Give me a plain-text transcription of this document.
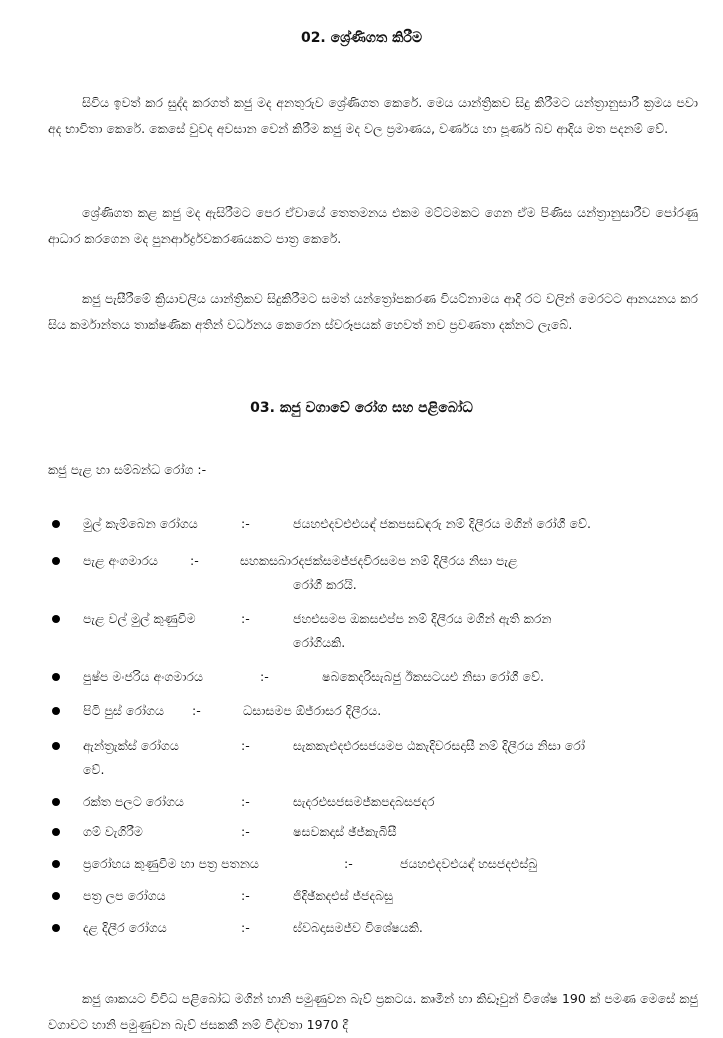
02. ශ්‍රේණිගත කිරීම

සිවිය ඉවත් කර සුද්ද කරගත් කජු මද අනතුරුව ශ්‍රේණිගත කෙරේ. මෙය යාන්ත්‍රිකව සිදු කිරීමට යන්ත්‍රානුසාරී ක්‍රමය පවා අද භාවිතා කෙරේ. කෙසේ වුවද අවසාන වෙන් කිරීම කජු මද වල ප්‍රමාණය, වර්ණය හා පූර්ණ බව ආදිය මත පදනම් වේ.

ශ්‍රේණිගත කළ කජු මද ඇසිරීමට පෙර ඒවායේ තෙතමනය එකම මට්ටමකට ගෙන ඒම පිණිස යන්ත්‍රානුසාරීව පෝරණු ආධාර කරගෙන මද පුනර්ආර්ද්‍රවකරණයකට පාත්‍ර කෙරේ.

කජු පැසීරීමේ ක්‍රියාවලිය යාන්ත්‍රිකව සිදුකිරීමට සමත් යන්ත්‍රෝපකරණ වියට්නාමය ආදි රට වලින් මෙරටට ආනයනය කර සිය කර්මාන්තය තාක්ෂණික අතින් වර්ධනය කෙරෙන ස්වරූපයක් හෙවත් නව ප්‍රවණතා දක්නට ලැබේ.

03. කජු වගාවේ රෝග සහ පළිබෝධ

කජු පැළ හා සම්බන්ධ රෝග :-

මුල් කැම්බෙන රෝගය	:-	ජයහඑදවඑඑයඳ් ජකපසඩඳරු නම් දිලීරය මගින් රෝගී වේ.
පැළ අංගමාරය	:-	සහකසබාරදජක්සමජ්ජදවිරසමප නම් දිලීරය නිසා පැළ
රෝගී කරයි.
පැළ වල් මුල් කුණුවීම	:-	ජහඑසමප ඔකසඑප්ප නම් දිලීරය මගින් ඇති කරන
රෝගියකි.
පුෂ්ප මංජරිය අංගමාරය	:-	ෂබකෙදරිසැබජු ඊකසටයඑ නිසා රෝගී වේ.
පිටි පුස් රෝගය :-	ධසාසමප ඕජ්රාසර දිලීරය.
ඇන්ත්‍රැක්ස් රෝගය	:-	සැකකැඑදඑරසජයමප ඨකැදිවරසදාසී නම් දිලීරය නිසා රෝ
වේ.
රක්ත පලට රෝගය	:-	සැදරඑසජසමජ්කපදබසජදර
ගම් වැගිරීම	:-	ෂසවකදාස් ඡ්ජ්කැබිසී
ප්‍රරෝහය කුණුවීම හා පත්‍ර පතනය	:-	ජයහඑදවඑයඳ් හසජදඑස්බු
පත්‍ර ලප රෝගය	:-	ජිදිඡ්කදඑස් ජ්ජදබසු
දළ දිලීර රෝගය	:-	ඝ්වබදාසමජ්ව විශේෂයකි.

කජු ශාකයට විවිධ පළිබෝධ මගින් හානි පමුණුවන බැව් ප්‍රකටය. කෘමීන් හා කිඩෑවුන් විශේෂ 190 ක් පමණ මෙසේ කජු වගාවට හානි පමුණුවන බැව් ජසකකී නම් විද්වතා 1970 දී
